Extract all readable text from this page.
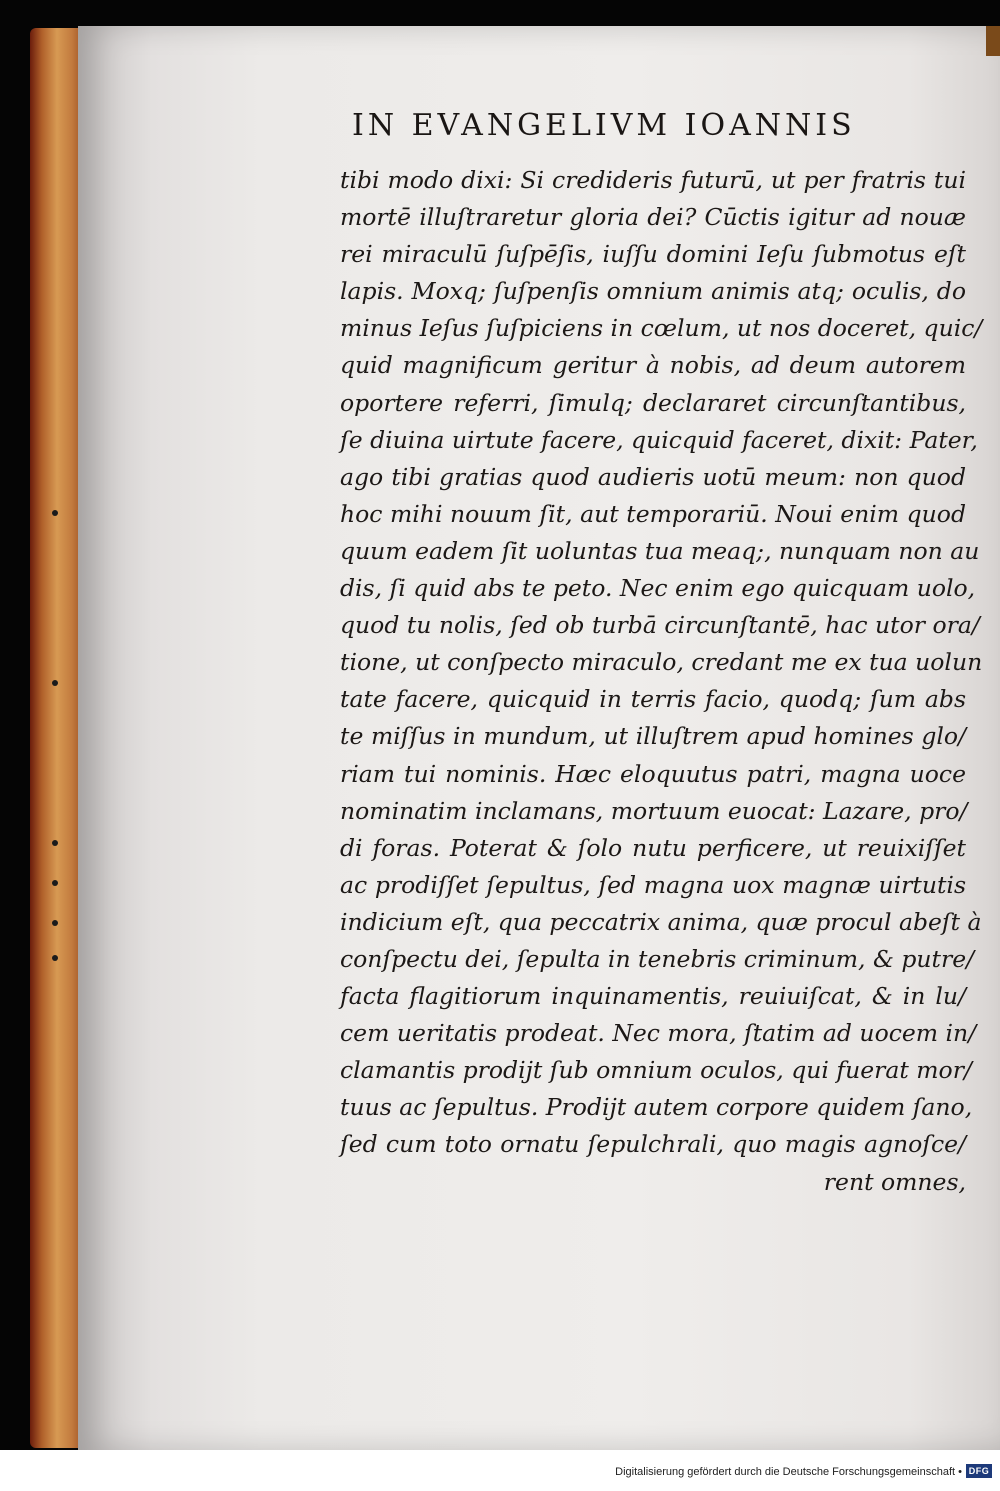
IN EVANGELIVM IOANNIS
tibi modo dixi: Si credideris futurū, ut per fratris tui
mortē illuſtraretur gloria dei? Cūctis igitur ad nouæ
rei miraculū ſuſpēſis, iuſſu domini Ieſu ſubmotus eſt
lapis. Moxq; ſuſpenſis omnium animis atq; oculis, do
minus Ieſus ſuſpiciens in cœlum, ut nos doceret, quic/
quid magnificum geritur à nobis, ad deum autorem
oportere referri, ſimulq; declararet circunſtantibus,
ſe diuina uirtute facere, quicquid faceret, dixit: Pater,
ago tibi gratias quod audieris uotū meum: non quod
hoc mihi nouum ſit, aut temporariū. Noui enim quod
quum eadem ſit uoluntas tua meaq;, nunquam non au
dis, ſi quid abs te peto. Nec enim ego quicquam uolo,
quod tu nolis, ſed ob turbā circunſtantē, hac utor ora/
tione, ut conſpecto miraculo, credant me ex tua uolun
tate facere, quicquid in terris facio, quodq; ſum abs
te miſſus in mundum, ut illuſtrem apud homines glo/
riam tui nominis. Hæc eloquutus patri, magna uoce
nominatim inclamans, mortuum euocat: Lazare, pro/
di foras. Poterat & ſolo nutu perficere, ut reuixiſſet
ac prodiſſet ſepultus, ſed magna uox magnæ uirtutis
indicium eſt, qua peccatrix anima, quæ procul abeſt à
conſpectu dei, ſepulta in tenebris criminum, & putre/
facta flagitiorum inquinamentis, reuiuiſcat, & in lu/
cem ueritatis prodeat. Nec mora, ſtatim ad uocem in/
clamantis prodijt ſub omnium oculos, qui fuerat mor/
tuus ac ſepultus. Prodijt autem corpore quidem ſano,
ſed cum toto ornatu ſepulchrali, quo magis agnoſce/
rent omnes,
Digitalisierung gefördert durch die Deutsche Forschungsgemeinschaft • DFG
